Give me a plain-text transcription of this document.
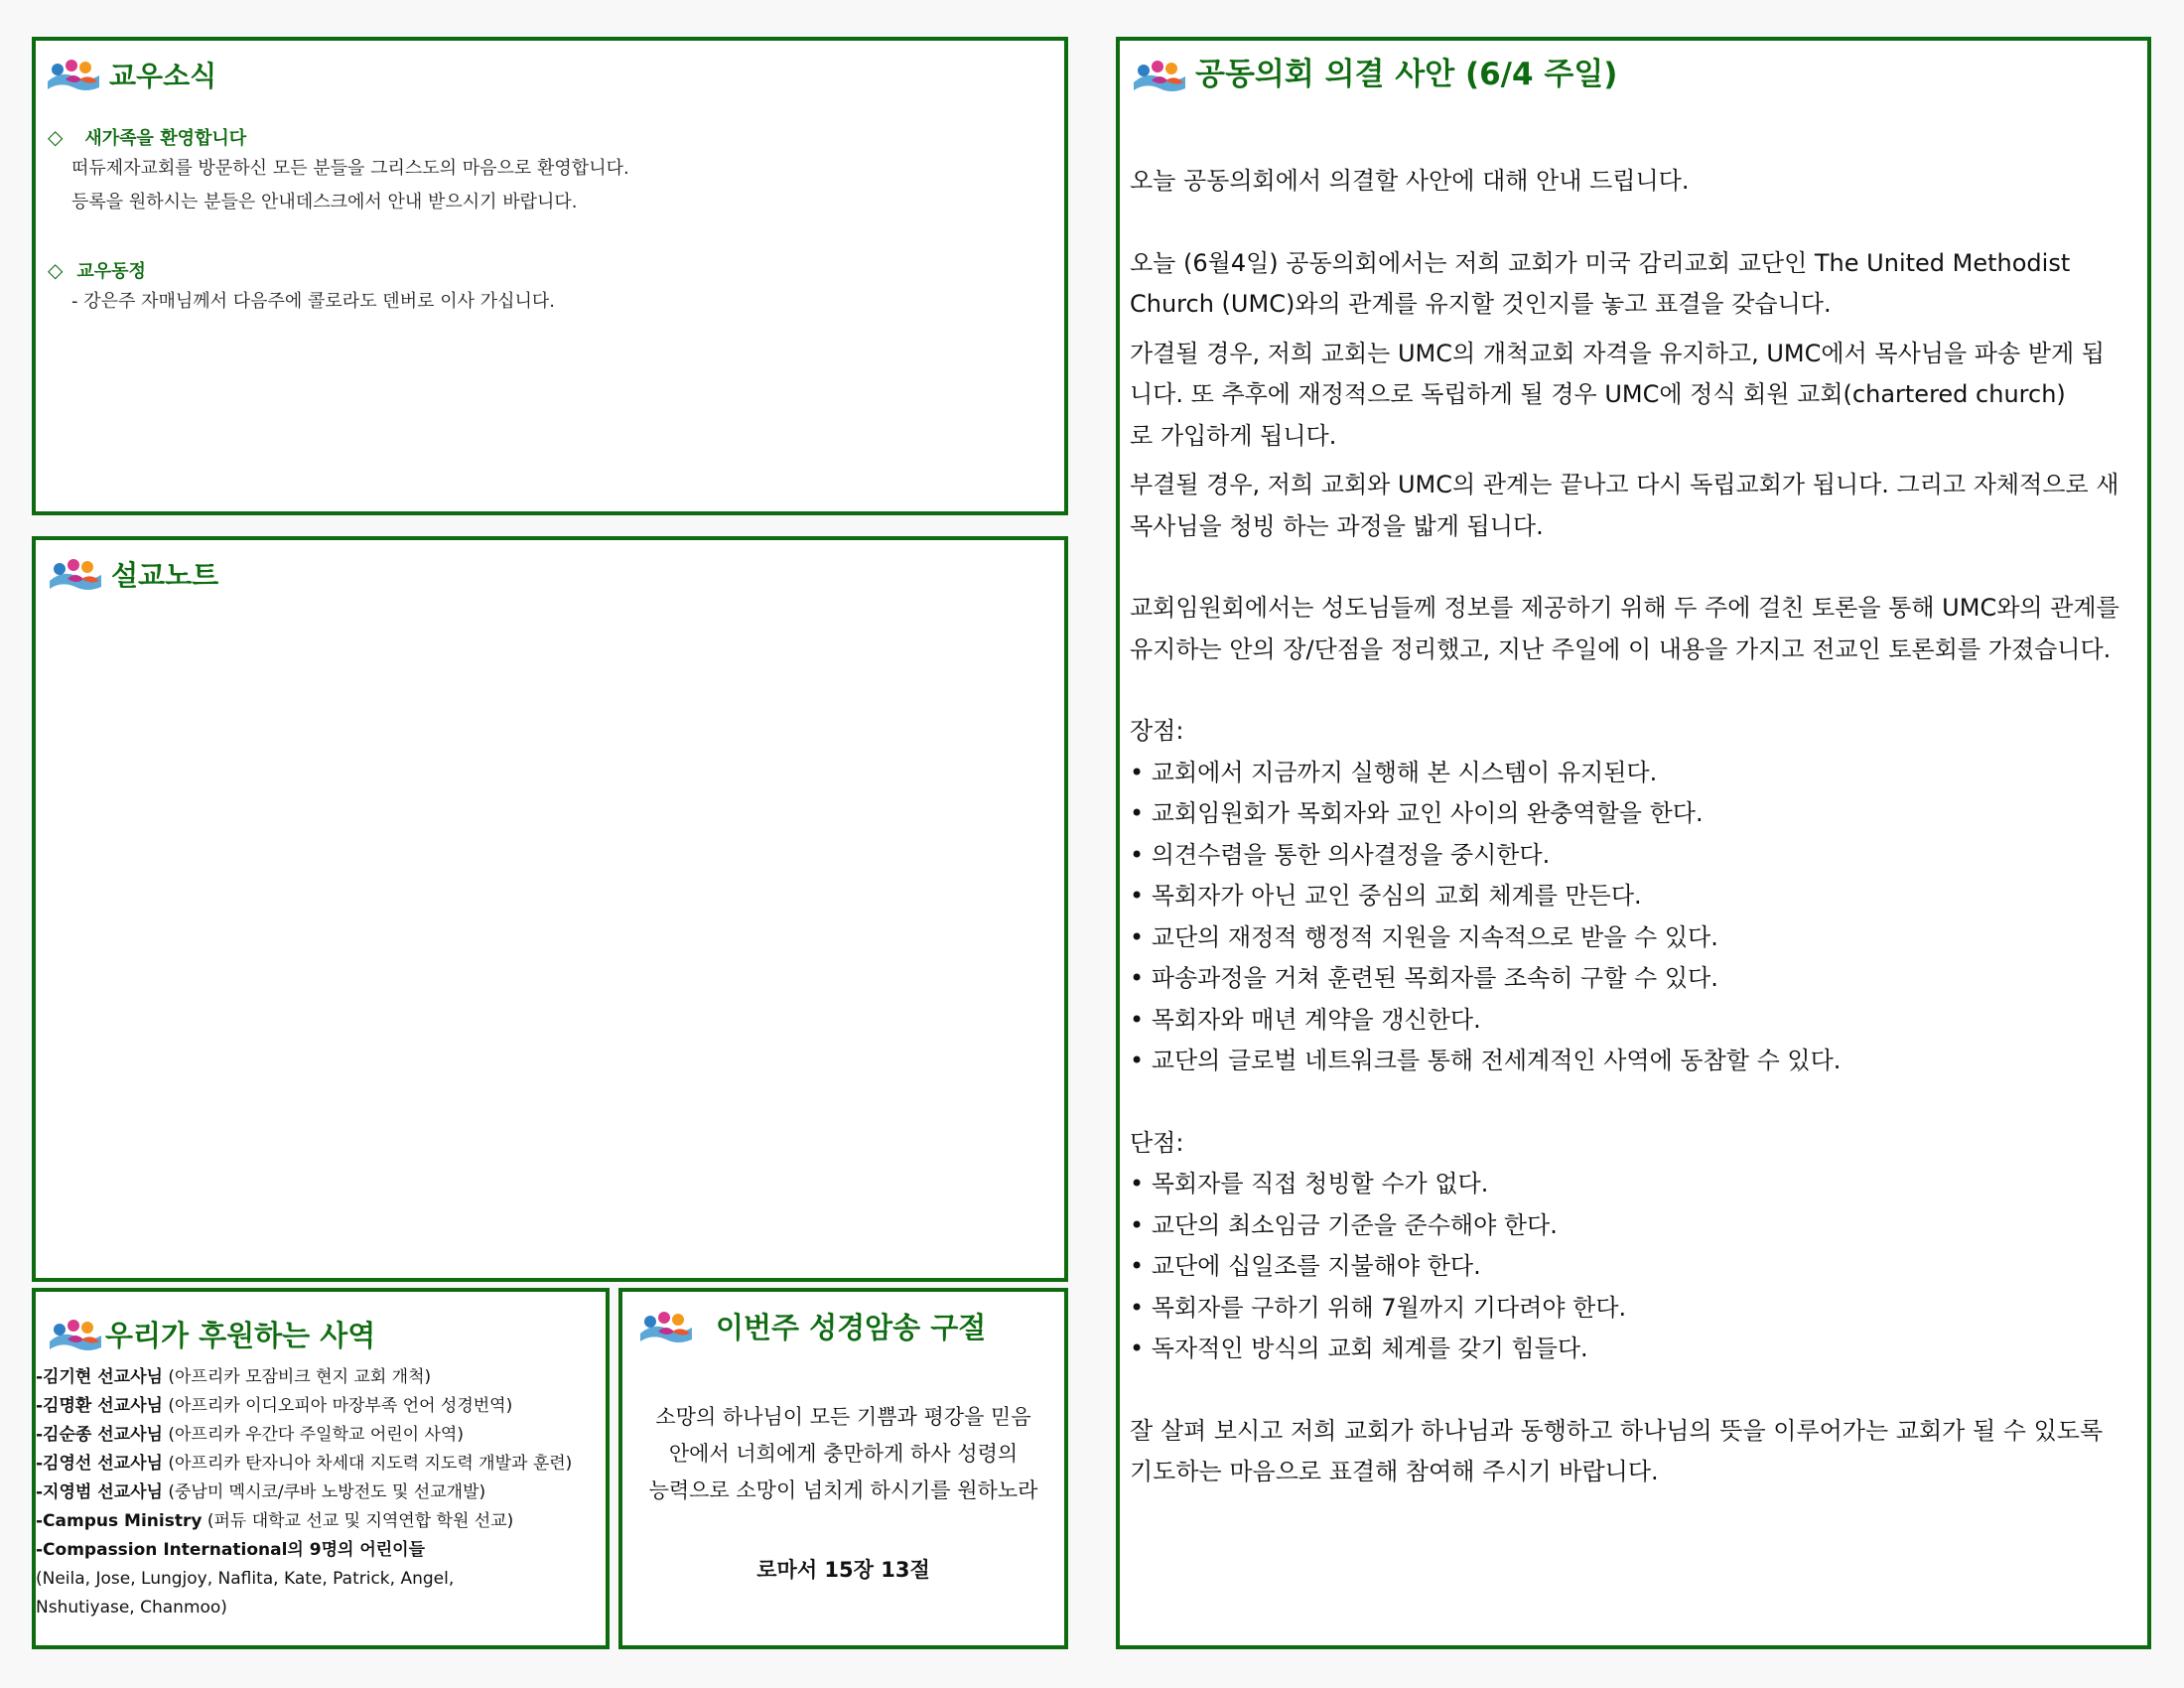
교우소식
◇ 새가족을 환영합니다
떠듀제자교회를 방문하신 모든 분들을 그리스도의 마음으로 환영합니다.
등록을 원하시는 분들은 안내데스크에서 안내 받으시기 바랍니다.
◇ 교우동정
- 강은주 자매님께서 다음주에 콜로라도 덴버로 이사 가십니다.
설교노트
우리가 후원하는 사역
-김기현 선교사님 (아프리카 모잠비크 현지 교회 개척)
-김명환 선교사님 (아프리카 이디오피아 마장부족 언어 성경번역)
-김순종 선교사님 (아프리카 우간다 주일학교 어린이 사역)
-김영선 선교사님 (아프리카 탄자니아 차세대 지도력 지도력 개발과 훈련)
-지영범 선교사님 (중남미 멕시코/쿠바 노방전도 및 선교개발)
-Campus Ministry (퍼듀 대학교 선교 및 지역연합 학원 선교)
-Compassion International의 9명의 어린이들
(Neila, Jose, Lungjoy, Naflita, Kate, Patrick, Angel,
Nshutiyase, Chanmoo)
이번주 성경암송 구절
소망의 하나님이 모든 기쁨과 평강을 믿음
안에서 너희에게 충만하게 하사 성령의
능력으로 소망이 넘치게 하시기를 원하노라
로마서 15장 13절
공동의회 의결 사안 (6/4 주일)

오늘 공동의회에서 의결할 사안에 대해 안내 드립니다.

오늘 (6월4일) 공동의회에서는 저희 교회가 미국 감리교회 교단인 The United Methodist

Church (UMC)와의 관계를 유지할 것인지를 놓고 표결을 갖습니다.

가결될 경우, 저희 교회는 UMC의 개척교회 자격을 유지하고, UMC에서 목사님을 파송 받게 됩

니다. 또 추후에 재정적으로 독립하게 될 경우 UMC에 정식 회원 교회(chartered church)

로 가입하게 됩니다.

부결될 경우, 저희 교회와 UMC의 관계는 끝나고 다시 독립교회가 됩니다. 그리고 자체적으로 새

목사님을 청빙 하는 과정을 밟게 됩니다.

교회임원회에서는 성도님들께 정보를 제공하기 위해 두 주에 걸친 토론을 통해 UMC와의 관계를

유지하는 안의 장/단점을 정리했고, 지난 주일에 이 내용을 가지고 전교인 토론회를 가졌습니다.

장점:

• 교회에서 지금까지 실행해 본 시스템이 유지된다.

• 교회임원회가 목회자와 교인 사이의 완충역할을 한다.

• 의견수렴을 통한 의사결정을 중시한다.

• 목회자가 아닌 교인 중심의 교회 체계를 만든다.

• 교단의 재정적 행정적 지원을 지속적으로 받을 수 있다.

• 파송과정을 거쳐 훈련된 목회자를 조속히 구할 수 있다.

• 목회자와 매년 계약을 갱신한다.

• 교단의 글로벌 네트워크를 통해 전세계적인 사역에 동참할 수 있다.

단점:

• 목회자를 직접 청빙할 수가 없다.

• 교단의 최소임금 기준을 준수해야 한다.

• 교단에 십일조를 지불해야 한다.

• 목회자를 구하기 위해 7월까지 기다려야 한다.

• 독자적인 방식의 교회 체계를 갖기 힘들다.

잘 살펴 보시고 저희 교회가 하나님과 동행하고 하나님의 뜻을 이루어가는 교회가 될 수 있도록

기도하는 마음으로 표결해 참여해 주시기 바랍니다.
